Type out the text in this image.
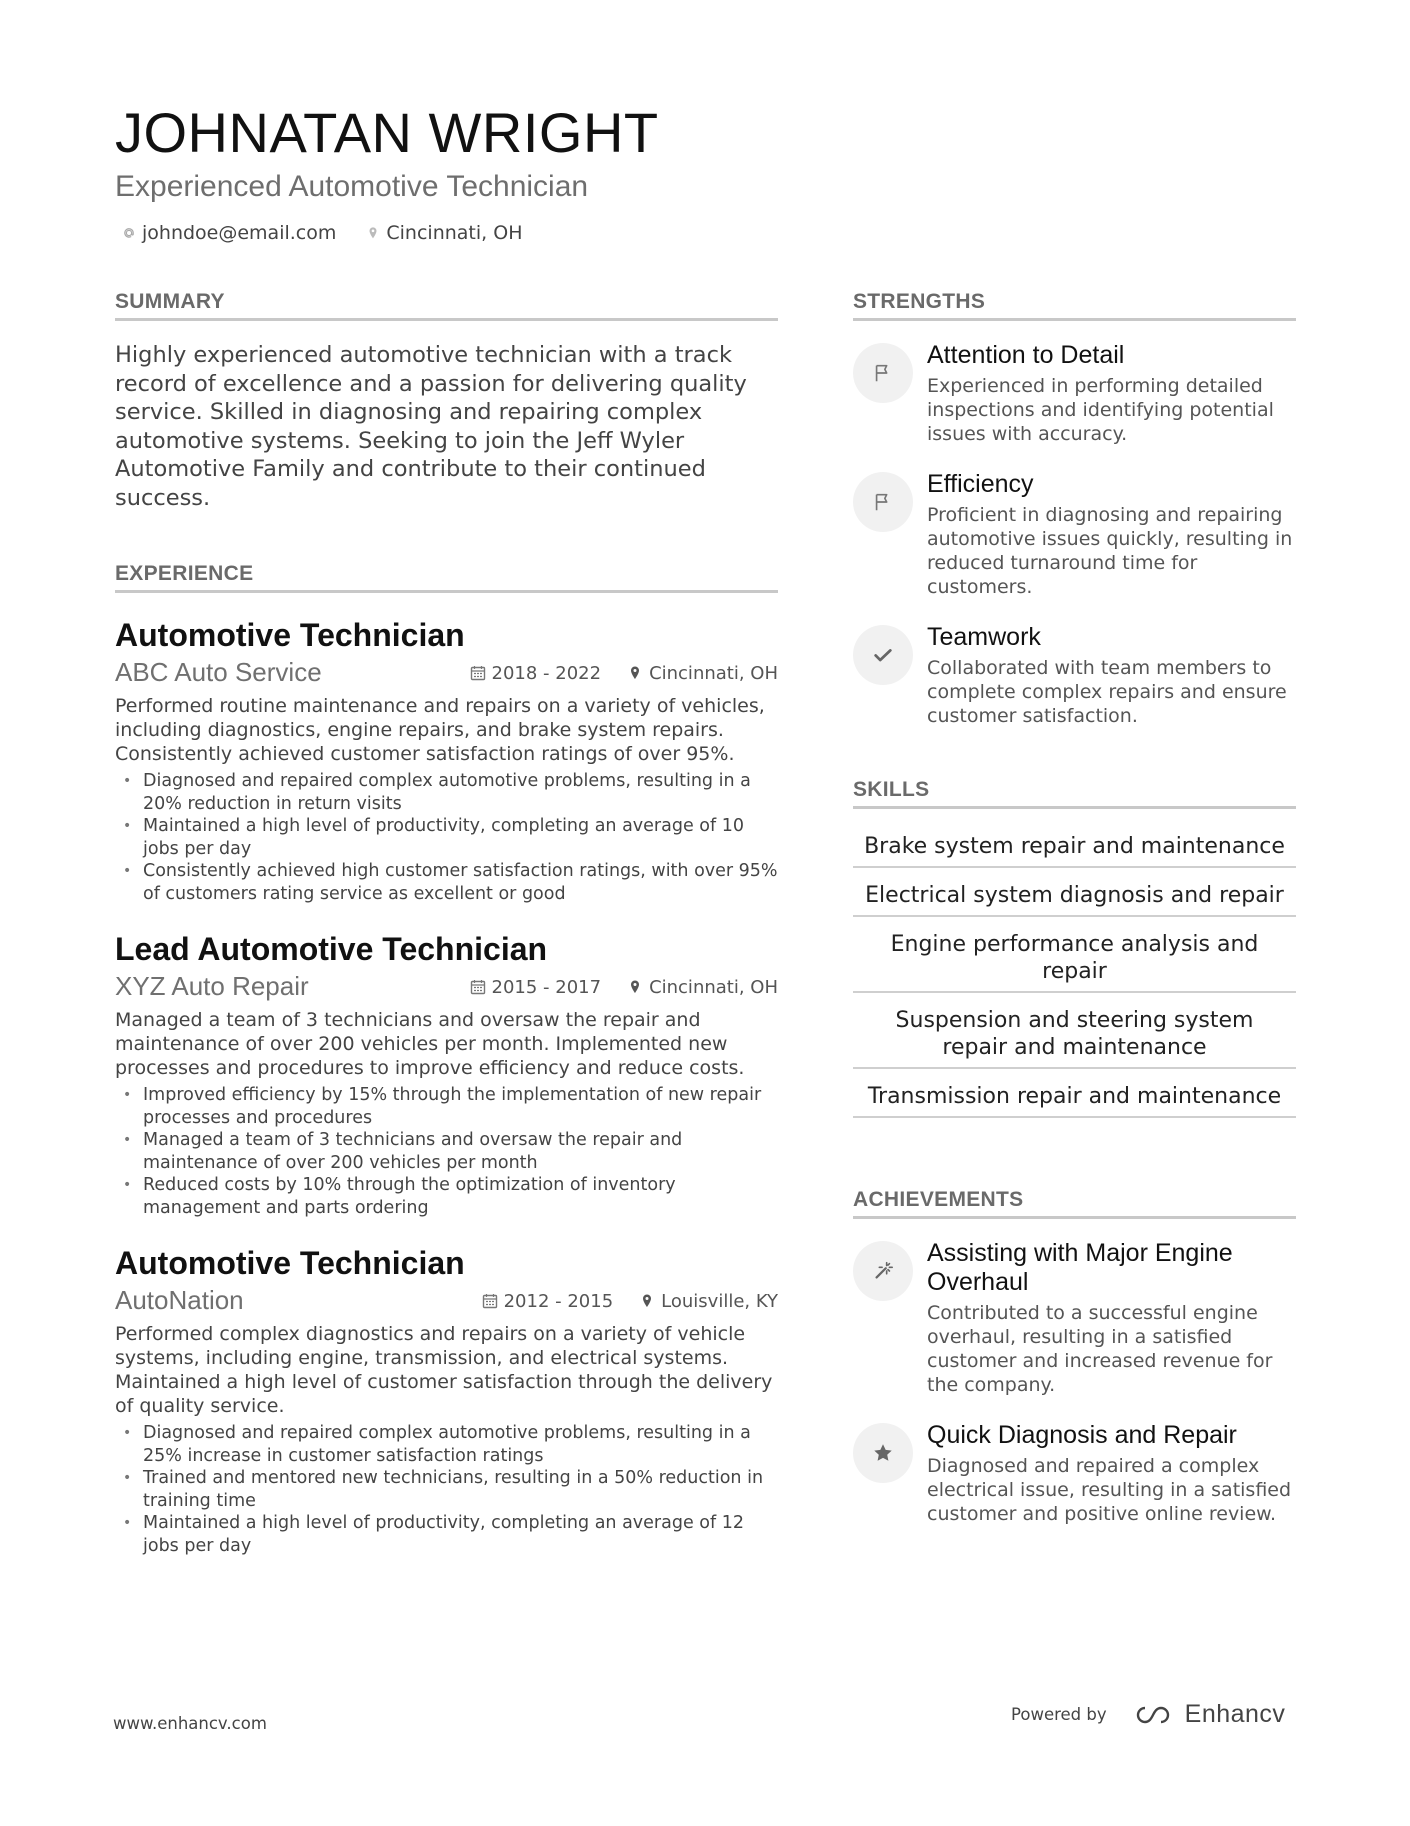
JOHNATAN WRIGHT
Experienced Automotive Technician
johndoe@email.com	Cincinnati, OH
SUMMARY
Highly experienced automotive technician with a track record of excellence and a passion for delivering quality service. Skilled in diagnosing and repairing complex automotive systems. Seeking to join the Jeff Wyler Automotive Family and contribute to their continued success.
EXPERIENCE
Automotive Technician
ABC Auto Service	2018 - 2022	Cincinnati, OH
Performed routine maintenance and repairs on a variety of vehicles, including diagnostics, engine repairs, and brake system repairs. Consistently achieved customer satisfaction ratings of over 95%.
• Diagnosed and repaired complex automotive problems, resulting in a 20% reduction in return visits
• Maintained a high level of productivity, completing an average of 10 jobs per day
• Consistently achieved high customer satisfaction ratings, with over 95% of customers rating service as excellent or good
Lead Automotive Technician
XYZ Auto Repair	2015 - 2017	Cincinnati, OH
Managed a team of 3 technicians and oversaw the repair and maintenance of over 200 vehicles per month. Implemented new processes and procedures to improve efficiency and reduce costs.
• Improved efficiency by 15% through the implementation of new repair processes and procedures
• Managed a team of 3 technicians and oversaw the repair and maintenance of over 200 vehicles per month
• Reduced costs by 10% through the optimization of inventory management and parts ordering
Automotive Technician
AutoNation	2012 - 2015	Louisville, KY
Performed complex diagnostics and repairs on a variety of vehicle systems, including engine, transmission, and electrical systems. Maintained a high level of customer satisfaction through the delivery of quality service.
• Diagnosed and repaired complex automotive problems, resulting in a 25% increase in customer satisfaction ratings
• Trained and mentored new technicians, resulting in a 50% reduction in training time
• Maintained a high level of productivity, completing an average of 12 jobs per day
STRENGTHS
Attention to Detail
Experienced in performing detailed inspections and identifying potential issues with accuracy.
Efficiency
Proficient in diagnosing and repairing automotive issues quickly, resulting in reduced turnaround time for customers.
Teamwork
Collaborated with team members to complete complex repairs and ensure customer satisfaction.
SKILLS
Brake system repair and maintenance
Electrical system diagnosis and repair
Engine performance analysis and repair
Suspension and steering system repair and maintenance
Transmission repair and maintenance
ACHIEVEMENTS
Assisting with Major Engine Overhaul
Contributed to a successful engine overhaul, resulting in a satisfied customer and increased revenue for the company.
Quick Diagnosis and Repair
Diagnosed and repaired a complex electrical issue, resulting in a satisfied customer and positive online review.
www.enhancv.com	Powered by	Enhancv
